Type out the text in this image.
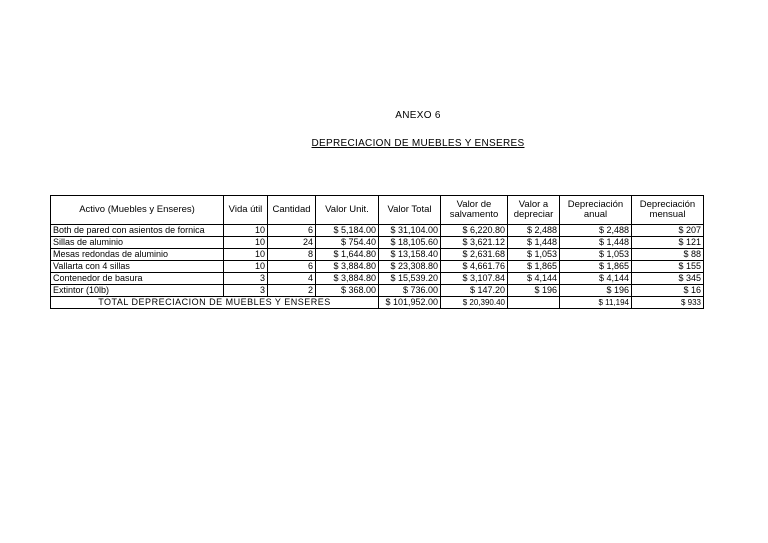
ANEXO 6
DEPRECIACION DE MUEBLES Y ENSERES
Activo (Muebles y Enseres)	Vida útil	Cantidad	Valor Unit.	Valor Total	Valor de salvamento	Valor a depreciar	Depreciación anual	Depreciación mensual
Both de pared con asientos de fornica	10	6	$ 5,184.00	$ 31,104.00	$ 6,220.80	$ 2,488	$ 2,488	$ 207
Sillas de aluminio	10	24	$ 754.40	$ 18,105.60	$ 3,621.12	$ 1,448	$ 1,448	$ 121
Mesas redondas de aluminio	10	8	$ 1,644.80	$ 13,158.40	$ 2,631.68	$ 1,053	$ 1,053	$ 88
Vallarta con 4 sillas	10	6	$ 3,884.80	$ 23,308.80	$ 4,661.76	$ 1,865	$ 1,865	$ 155
Contenedor de basura	3	4	$ 3,884.80	$ 15,539.20	$ 3,107.84	$ 4,144	$ 4,144	$ 345
Extintor (10lb)	3	2	$ 368.00	$ 736.00	$ 147.20	$ 196	$ 196	$ 16
TOTAL DEPRECIACION DE MUEBLES Y ENSERES				$ 101,952.00	$ 20,390.40		$ 11,194	$ 933
